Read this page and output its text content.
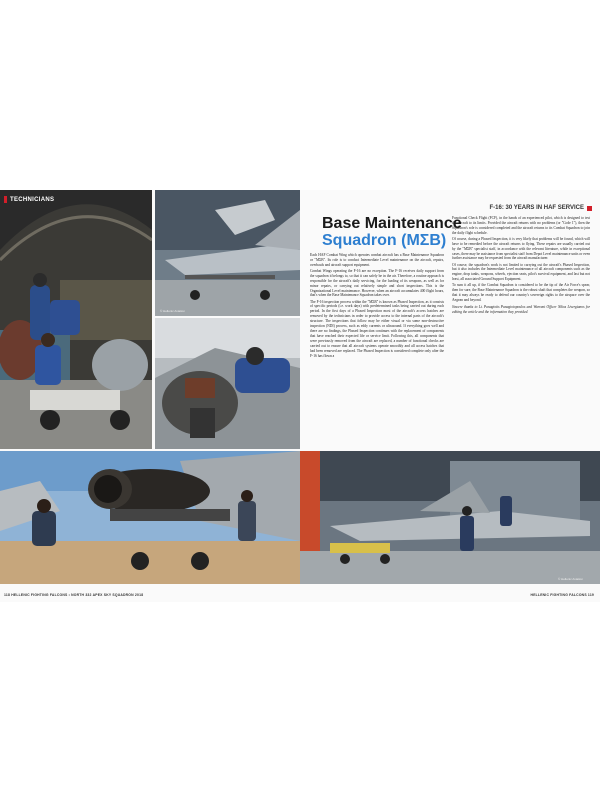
TECHNICIANS
© Hellenic Aviation
© Hellenic Aviation
F-16: 30 YEARS IN HAF SERVICE
Base Maintenance
Squadron (ΜΣΒ)

Each HAF Combat Wing which operates combat aircraft has a Base Maintenance Squadron or "MΣB". Its role is to conduct Intermediate Level maintenance on the aircraft, repairs, overhauls and aircraft support equipment.

Combat Wings operating the F-16 are no exception. The F-16 receives daily support from the squadron it belongs to, so that it can safely be in the air. Therefore, a routine approach is responsible for the aircraft's daily servicing, for the loading of its weapons, as well as for minor repairs, or carrying out relatively simple and short inspections. This is the Organizational Level maintenance. However, when an aircraft accumulates 400 flight hours, that's when the Base Maintenance Squadron takes over.

The F-16 inspection process within the "MΣB" is known as Phased Inspection, as it consists of specific periods (i.e. work days) with predetermined tasks being carried out during each period. In the first days of a Phased Inspection most of the aircraft's access hatches are removed by the technicians in order to provide access to the internal parts of the aircraft's structure. The inspections that follow may be either visual or via some non-destructive inspection (NDI) process, such as eddy currents or ultrasound. If everything goes well and there are no findings, the Phased Inspection continues with the replacement of components that have reached their expected life or service limit. Following this, all components that were previously removed from the aircraft are replaced, a number of functional checks are carried out to ensure that all aircraft systems operate smoothly and all access hatches that had been removed are replaced. The Phased Inspection is considered complete only after the F-16 has flown a

Functional Check Flight (FCF), in the hands of an experienced pilot, which is designed to test the aircraft to its limits. Provided the aircraft returns with no problems (or "Code 1"), then the Squadron's role is considered completed and the aircraft returns to its Combat Squadron to join the daily flight schedule.

Of course, during a Phased Inspection, it is very likely that problems will be found, which will have to be remedied before the aircraft returns to flying. These repairs are usually carried out by the "MΣB" specialist staff, in accordance with the relevant literature, while in exceptional cases, there may be assistance from specialist staff from Depot Level maintenance units or even further assistance may be requested from the aircraft manufacturer.

Of course, the squadron's work is not limited to carrying out the aircraft's Phased Inspection, but it also includes the Intermediate Level maintenance of all aircraft components such as the engine, drop tanks, weapons, wheels, ejection seats, pilot's survival equipment, and last but not least, all associated Ground Support Equipment.

To sum it all up, if the Combat Squadron is considered to be the tip of the Air Force's spear, then for sure, the Base Maintenance Squadron is the robust shaft that completes the weapon, so that it may always be ready to defend our country's sovereign rights to the airspace over the Aegean and beyond.

Sincere thanks to Lt. Panagiotis Panagiotopoulos and Warrant Officer Nikos Livergianos for editing the article and the information they provided.

118 HELLENIC FIGHTING FALCONS • NORTH 332 APEX SKY SQUADRON 2018	HELLENIC FIGHTING FALCONS 119
